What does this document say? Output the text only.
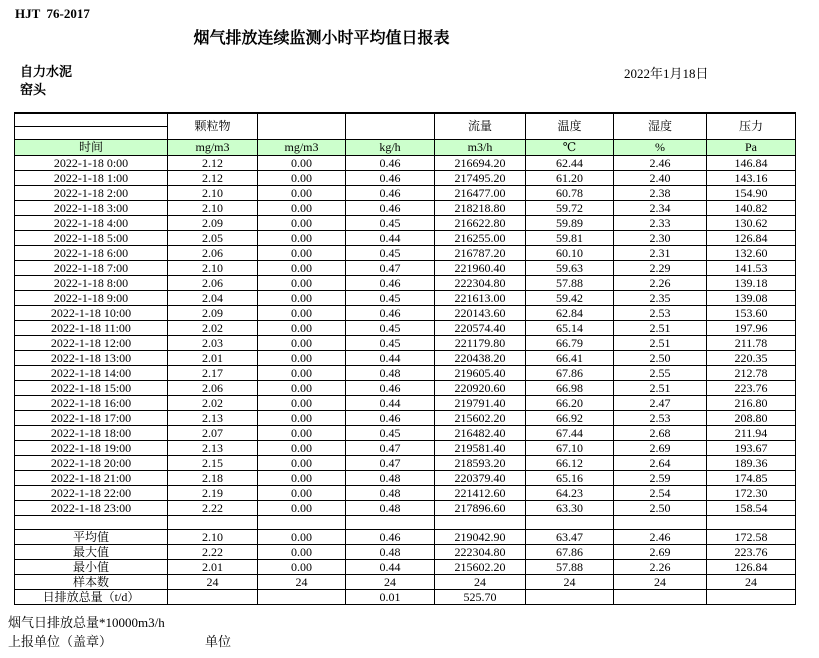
HJT  76-2017
烟气排放连续监测小时平均值日报表
自力水泥
窑头
2022年1月18日
	颗粒物			流量	温度	湿度	压力
时间	mg/m3	mg/m3	kg/h	m3/h	℃	%	Pa
2022-1-18 0:00	2.12	0.00	0.46	216694.20	62.44	2.46	146.84
2022-1-18 1:00	2.12	0.00	0.46	217495.20	61.20	2.40	143.16
2022-1-18 2:00	2.10	0.00	0.46	216477.00	60.78	2.38	154.90
2022-1-18 3:00	2.10	0.00	0.46	218218.80	59.72	2.34	140.82
2022-1-18 4:00	2.09	0.00	0.45	216622.80	59.89	2.33	130.62
2022-1-18 5:00	2.05	0.00	0.44	216255.00	59.81	2.30	126.84
2022-1-18 6:00	2.06	0.00	0.45	216787.20	60.10	2.31	132.60
2022-1-18 7:00	2.10	0.00	0.47	221960.40	59.63	2.29	141.53
2022-1-18 8:00	2.06	0.00	0.46	222304.80	57.88	2.26	139.18
2022-1-18 9:00	2.04	0.00	0.45	221613.00	59.42	2.35	139.08
2022-1-18 10:00	2.09	0.00	0.46	220143.60	62.84	2.53	153.60
2022-1-18 11:00	2.02	0.00	0.45	220574.40	65.14	2.51	197.96
2022-1-18 12:00	2.03	0.00	0.45	221179.80	66.79	2.51	211.78
2022-1-18 13:00	2.01	0.00	0.44	220438.20	66.41	2.50	220.35
2022-1-18 14:00	2.17	0.00	0.48	219605.40	67.86	2.55	212.78
2022-1-18 15:00	2.06	0.00	0.46	220920.60	66.98	2.51	223.76
2022-1-18 16:00	2.02	0.00	0.44	219791.40	66.20	2.47	216.80
2022-1-18 17:00	2.13	0.00	0.46	215602.20	66.92	2.53	208.80
2022-1-18 18:00	2.07	0.00	0.45	216482.40	67.44	2.68	211.94
2022-1-18 19:00	2.13	0.00	0.47	219581.40	67.10	2.69	193.67
2022-1-18 20:00	2.15	0.00	0.47	218593.20	66.12	2.64	189.36
2022-1-18 21:00	2.18	0.00	0.48	220379.40	65.16	2.59	174.85
2022-1-18 22:00	2.19	0.00	0.48	221412.60	64.23	2.54	172.30
2022-1-18 23:00	2.22	0.00	0.48	217896.60	63.30	2.50	158.54

平均值	2.10	0.00	0.46	219042.90	63.47	2.46	172.58
最大值	2.22	0.00	0.48	222304.80	67.86	2.69	223.76
最小值	2.01	0.00	0.44	215602.20	57.88	2.26	126.84
样本数	24	24	24	24	24	24	24
日排放总量（t/d）			0.01	525.70			
烟气日排放总量*10000m3/h
上报单位（盖章）	单位
